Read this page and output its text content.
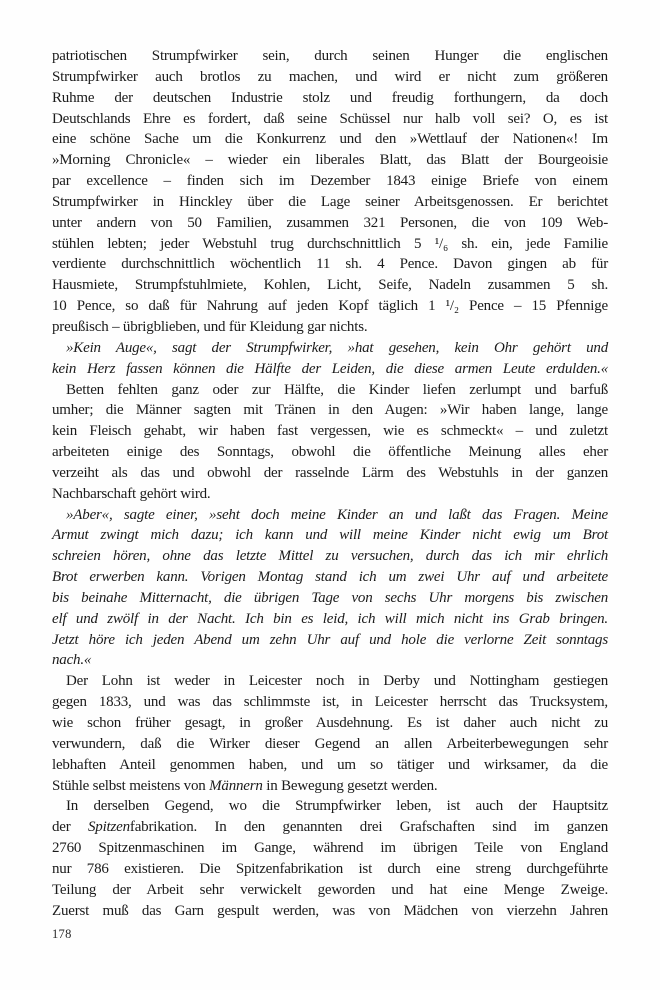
patriotischen Strumpfwirker sein, durch seinen Hunger die englischen
Strumpfwirker auch brotlos zu machen, und wird er nicht zum größeren
Ruhme der deutschen Industrie stolz und freudig forthungern, da doch
Deutschlands Ehre es fordert, daß seine Schüssel nur halb voll sei? O, es ist
eine schöne Sache um die Konkurrenz und den »Wettlauf der Nationen«! Im
»Morning Chronicle« – wieder ein liberales Blatt, das Blatt der Bourgeoisie
par excellence – finden sich im Dezember 1843 einige Briefe von einem
Strumpfwirker in Hinckley über die Lage seiner Arbeitsgenossen. Er berichtet
unter andern von 50 Familien, zusammen 321 Personen, die von 109 Web-
stühlen lebten; jeder Webstuhl trug durchschnittlich 5 ¹/₆ sh. ein, jede Familie
verdiente durchschnittlich wöchentlich 11 sh. 4 Pence. Davon gingen ab für
Hausmiete, Strumpfstuhlmiete, Kohlen, Licht, Seife, Nadeln zusammen 5 sh.
10 Pence, so daß für Nahrung auf jeden Kopf täglich 1 ¹/₂ Pence – 15 Pfennige
preußisch – übrigblieben, und für Kleidung gar nichts.
»Kein Auge«, sagt der Strumpfwirker, »hat gesehen, kein Ohr gehört und
kein Herz fassen können die Hälfte der Leiden, die diese armen Leute erdulden.«
Betten fehlten ganz oder zur Hälfte, die Kinder liefen zerlumpt und barfuß
umher; die Männer sagten mit Tränen in den Augen: »Wir haben lange, lange
kein Fleisch gehabt, wir haben fast vergessen, wie es schmeckt« – und zuletzt
arbeiteten einige des Sonntags, obwohl die öffentliche Meinung alles eher
verzeiht als das und obwohl der rasselnde Lärm des Webstuhls in der ganzen
Nachbarschaft gehört wird.
»Aber«, sagte einer, »seht doch meine Kinder an und laßt das Fragen. Meine
Armut zwingt mich dazu; ich kann und will meine Kinder nicht ewig um Brot
schreien hören, ohne das letzte Mittel zu versuchen, durch das ich mir ehrlich
Brot erwerben kann. Vorigen Montag stand ich um zwei Uhr auf und arbeitete
bis beinahe Mitternacht, die übrigen Tage von sechs Uhr morgens bis zwischen
elf und zwölf in der Nacht. Ich bin es leid, ich will mich nicht ins Grab bringen.
Jetzt höre ich jeden Abend um zehn Uhr auf und hole die verlorne Zeit sonntags
nach.«
Der Lohn ist weder in Leicester noch in Derby und Nottingham gestiegen
gegen 1833, und was das schlimmste ist, in Leicester herrscht das Trucksystem,
wie schon früher gesagt, in großer Ausdehnung. Es ist daher auch nicht zu
verwundern, daß die Wirker dieser Gegend an allen Arbeiterbewegungen sehr
lebhaften Anteil genommen haben, und um so tätiger und wirksamer, da die
Stühle selbst meistens von Männern in Bewegung gesetzt werden.
In derselben Gegend, wo die Strumpfwirker leben, ist auch der Hauptsitz
der Spitzenfabrikation. In den genannten drei Grafschaften sind im ganzen
2760 Spitzenmaschinen im Gange, während im übrigen Teile von England
nur 786 existieren. Die Spitzenfabrikation ist durch eine streng durchgeführte
Teilung der Arbeit sehr verwickelt geworden und hat eine Menge Zweige.
Zuerst muß das Garn gespult werden, was von Mädchen von vierzehn Jahren
178
